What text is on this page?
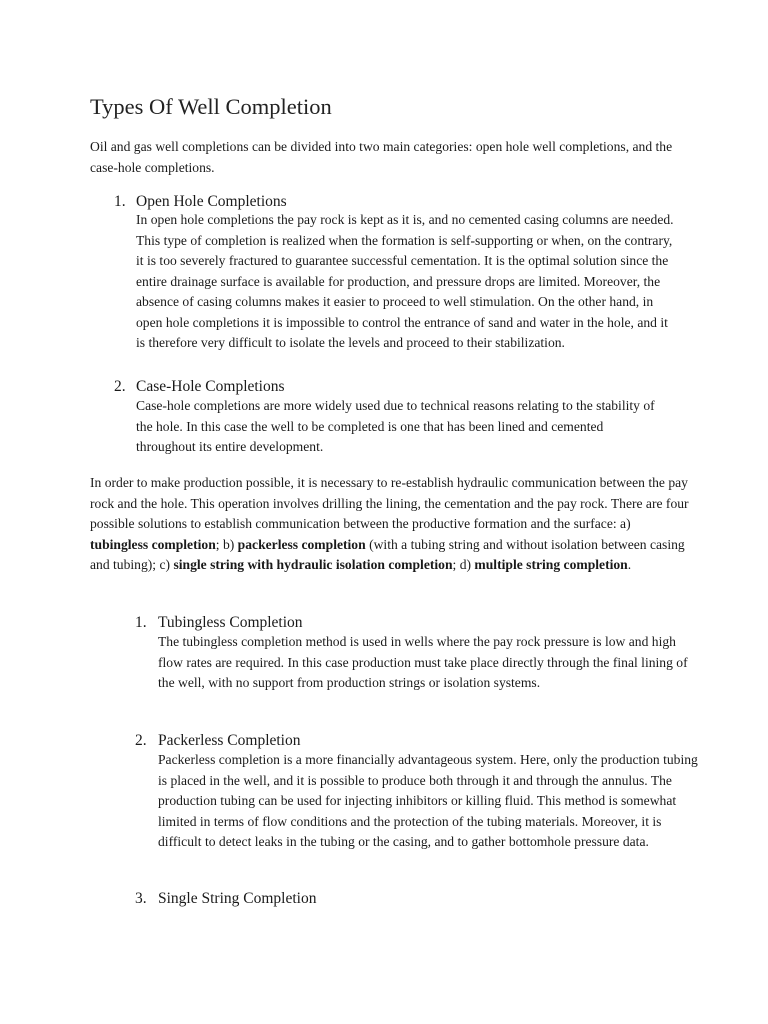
Types Of Well Completion
Oil and gas well completions can be divided into two main categories: open hole well completions, and the case-hole completions.
1. Open Hole Completions
In open hole completions the pay rock is kept as it is, and no cemented casing columns are needed. This type of completion is realized when the formation is self-supporting or when, on the contrary, it is too severely fractured to guarantee successful cementation. It is the optimal solution since the entire drainage surface is available for production, and pressure drops are limited. Moreover, the absence of casing columns makes it easier to proceed to well stimulation. On the other hand, in open hole completions it is impossible to control the entrance of sand and water in the hole, and it is therefore very difficult to isolate the levels and proceed to their stabilization.
2. Case-Hole Completions
Case-hole completions are more widely used due to technical reasons relating to the stability of the hole. In this case the well to be completed is one that has been lined and cemented throughout its entire development.
In order to make production possible, it is necessary to re-establish hydraulic communication between the pay rock and the hole. This operation involves drilling the lining, the cementation and the pay rock. There are four possible solutions to establish communication between the productive formation and the surface: a) tubingless completion; b) packerless completion (with a tubing string and without isolation between casing and tubing); c) single string with hydraulic isolation completion; d) multiple string completion.
1. Tubingless Completion
The tubingless completion method is used in wells where the pay rock pressure is low and high flow rates are required. In this case production must take place directly through the final lining of the well, with no support from production strings or isolation systems.
2. Packerless Completion
Packerless completion is a more financially advantageous system. Here, only the production tubing is placed in the well, and it is possible to produce both through it and through the annulus. The production tubing can be used for injecting inhibitors or killing fluid. This method is somewhat limited in terms of flow conditions and the protection of the tubing materials. Moreover, it is difficult to detect leaks in the tubing or the casing, and to gather bottomhole pressure data.
3. Single String Completion
